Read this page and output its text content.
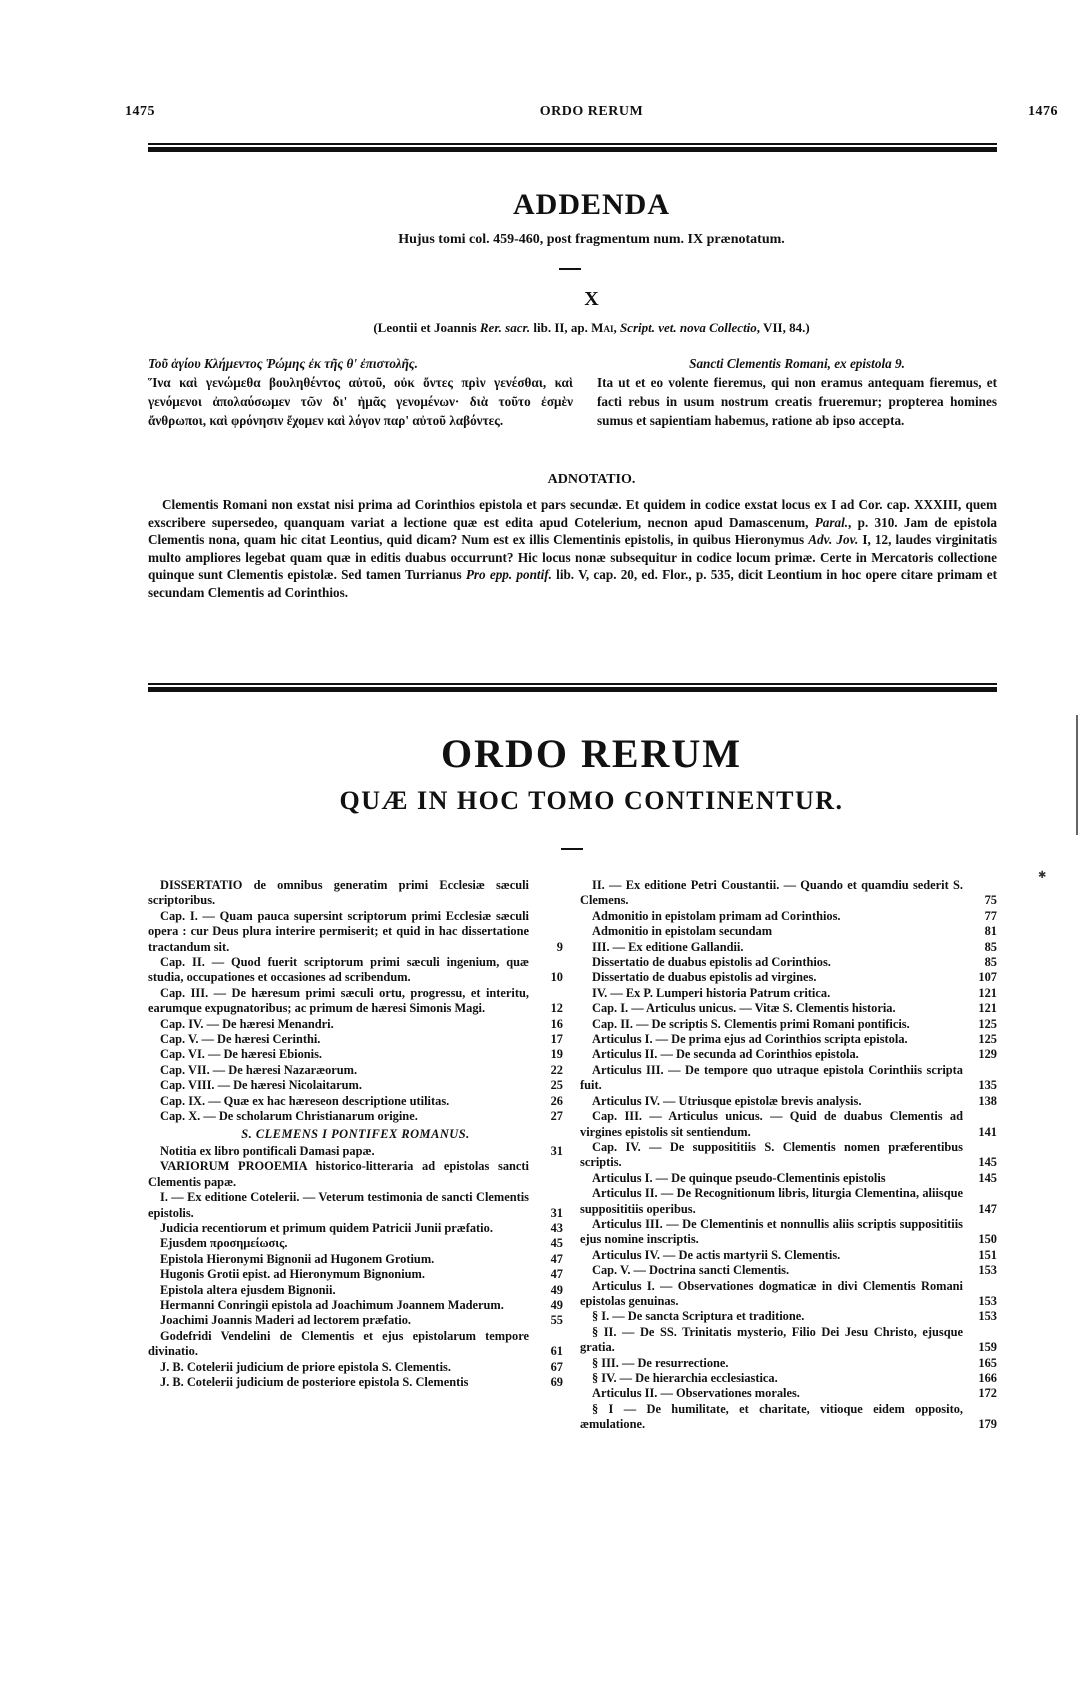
1475	ORDO RERUM	1476
ADDENDA
Hujus tomi col. 459-460, post fragmentum num. IX prænotatum.
X
(Leontii et Joannis Rer. sacr. lib. II, ap. Mai, Script. vet. nova Collectio, VII, 84.)
Τοῦ ἁγίου Κλήμεντος Ῥώμης ἐκ τῆς θ' ἐπιστολῆς.
Ἵνα καὶ γενώμεθα βουληθέντος αὐτοῦ, οὐκ ὄντες πρὶν γενέσθαι, καὶ γενόμενοι ἀπολαύσωμεν τῶν δι' ἡμᾶς γενομένων· διὰ τοῦτο ἐσμὲν ἄνθρωποι, καὶ φρόνησιν ἔχομεν καὶ λόγον παρ' αὐτοῦ λαβόντες.
Sancti Clementis Romani, ex epistola 9.
Ita ut et eo volente fieremus, qui non eramus antequam fieremus, et facti rebus in usum nostrum creatis frueremur; propterea homines sumus et sapientiam habemus, ratione ab ipso accepta.
ADNOTATIO.
Clementis Romani non exstat nisi prima ad Corinthios epistola et pars secundæ. Et quidem in codice exstat locus ex I ad Cor. cap. XXXIII, quem exscribere supersedeo, quanquam variat a lectione quæ est edita apud Cotelerium, necnon apud Damascenum, Paral., p. 310. Jam de epistola Clementis nona, quam hic citat Leontius, quid dicam? Num est ex illis Clementinis epistolis, in quibus Hieronymus Adv. Jov. I, 12, laudes virginitatis multo ampliores legebat quam quæ in editis duabus occurrunt? Hic locus nonæ subsequitur in codice locum primæ. Certe in Mercatoris collectione quinque sunt Clementis epistolæ. Sed tamen Turrianus Pro epp. pontif. lib. V, cap. 20, ed. Flor., p. 535, dicit Leontium in hoc opere citare primam et secundam Clementis ad Corinthios.
ORDO RERUM
QUÆ IN HOC TOMO CONTINENTUR.
DISSERTATIO de omnibus generatim primi Ecclesiæ sæculi scriptoribus.
Cap. I. — Quam pauca supersint scriptorum primi Ecclesiæ sæculi opera : cur Deus plura interire permiserit; et quid in hac dissertatione tractandum sit.	9
Cap. II. — Quod fuerit scriptorum primi sæculi ingenium, quæ studia, occupationes et occasiones ad scribendum.	10
Cap. III. — De hæresum primi sæculi ortu, progressu, et interitu, earumque expugnatoribus; ac primum de hæresi Simonis Magi.	12
Cap. IV. — De hæresi Menandri.	16
Cap. V. — De hæresi Cerinthi.	17
Cap. VI. — De hæresi Ebionis.	19
Cap. VII. — De hæresi Nazaræorum.	22
Cap. VIII. — De hæresi Nicolaitarum.	25
Cap. IX. — Quæ ex hac hæreseon descriptione utilitas.	26
Cap. X. — De scholarum Christianarum origine.	27
S. CLEMENS I PONTIFEX ROMANUS.
Notitia ex libro pontificali Damasi papæ.	31
VARIORUM PROOEMIA historico-litteraria ad epistolas sancti Clementis papæ.
I. — Ex editione Cotelerii. — Veterum testimonia de sancti Clementis epistolis.	31
Judicia recentiorum et primum quidem Patricii Junii præfatio.	43
Ejusdem προσημείωσις.	45
Epistola Hieronymi Bignonii ad Hugonem Grotium.	47
Hugonis Grotii epist. ad Hieronymum Bignonium.	47
Epistola altera ejusdem Bignonii.	49
Hermanni Conringii epistola ad Joachimum Joannem Maderum.	49
Joachimi Joannis Maderi ad lectorem præfatio.	55
Godefridi Vendelini de Clementis et ejus epistolarum tempore divinatio.	61
J. B. Cotelerii judicium de priore epistola S. Clementis.	67
J. B. Cotelerii judicium de posteriore epistola S. Clementis	69
II. — Ex editione Petri Coustantii. — Quando et quamdiu sederit S. Clemens.	75
Admonitio in epistolam primam ad Corinthios.	77
Admonitio in epistolam secundam	81
III. — Ex editione Gallandii.	85
Dissertatio de duabus epistolis ad Corinthios.	85
Dissertatio de duabus epistolis ad virgines.	107
IV. — Ex P. Lumperi historia Patrum critica.	121
Cap. I. — Articulus unicus. — Vitæ S. Clementis historia.	121
Cap. II. — De scriptis S. Clementis primi Romani pontificis.	125
Articulus I. — De prima ejus ad Corinthios scripta epistola.	125
Articulus II. — De secunda ad Corinthios epistola.	129
Articulus III. — De tempore quo utraque epistola Corinthiis scripta fuit.	135
Articulus IV. — Utriusque epistolæ brevis analysis.	138
Cap. III. — Articulus unicus. — Quid de duabus Clementis ad virgines epistolis sit sentiendum.	141
Cap. IV. — De supposititiis S. Clementis nomen præferentibus scriptis.	145
Articulus I. — De quinque pseudo-Clementinis epistolis	145
Articulus II. — De Recognitionum libris, liturgia Clementina, aliisque supposititiis operibus.	147
Articulus III. — De Clementinis et nonnullis aliis scriptis supposititiis ejus nomine inscriptis.	150
Articulus IV. — De actis martyrii S. Clementis.	151
Cap. V. — Doctrina sancti Clementis.	153
Articulus I. — Observationes dogmaticæ in divi Clementis Romani epistolas genuinas.	153
§ I. — De sancta Scriptura et traditione.	153
§ II. — De SS. Trinitatis mysterio, Filio Dei Jesu Christo, ejusque gratia.	159
§ III. — De resurrectione.	165
§ IV. — De hierarchia ecclesiastica.	166
Articulus II. — Observationes morales.	172
§ I — De humilitate, et charitate, vitioque eidem opposito, æmulatione.	179
✱
